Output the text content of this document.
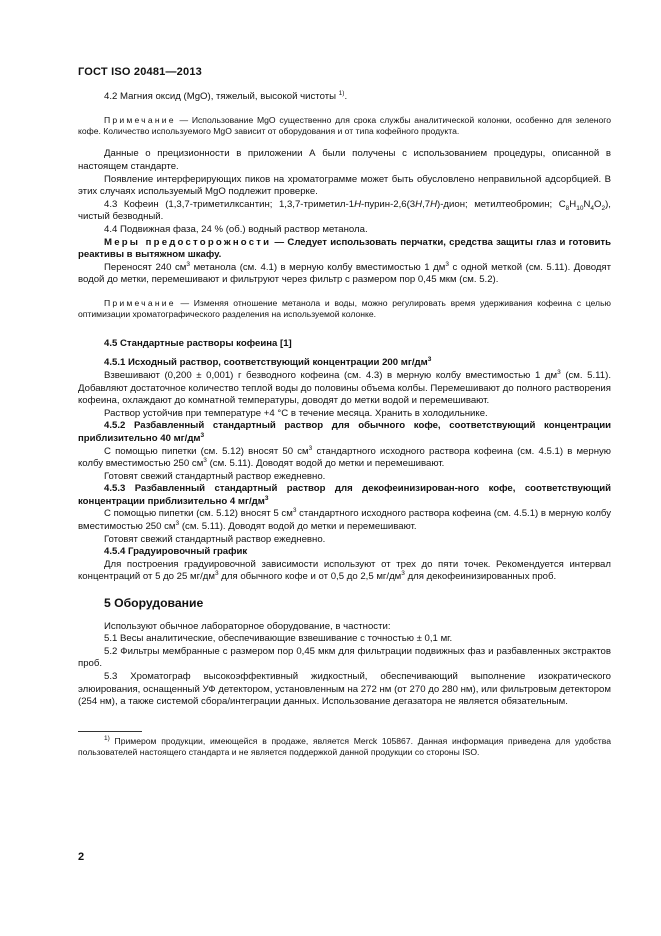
ГОСТ ISO 20481—2013

4.2 Магния оксид (MgO), тяжелый, высокой чистоты $^{1)}$.

Примечание — Использование MgO существенно для срока службы аналитической колонки, особенно для зеленого кофе. Количество используемого MgO зависит от оборудования и от типа кофейного продукта.

Данные о прецизионности в приложении А были получены с использованием процедуры, описанной в настоящем стандарте.

Появление интерферирующих пиков на хроматограмме может быть обусловлено неправильной адсорбцией. В этих случаях используемый MgO подлежит проверке.

4.3 Кофеин (1,3,7-триметилксантин; 1,3,7-триметил-1H-пурин-2,6(3H,7H)-дион; метилтеобромин; $C_8H_{10}N_4O_2$), чистый безводный.

4.4 Подвижная фаза, 24 % (об.) водный раствор метанола.

Меры предосторожности — Следует использовать перчатки, средства защиты глаз и готовить реактивы в вытяжном шкафу.

Переносят 240 $см^3$ метанола (см. 4.1) в мерную колбу вместимостью 1 $дм^3$ с одной меткой (см. 5.11). Доводят водой до метки, перемешивают и фильтруют через фильтр с размером пор 0,45 мкм (см. 5.2).

Примечание — Изменяя отношение метанола и воды, можно регулировать время удерживания кофеина с целью оптимизации хроматографического разделения на используемой колонке.

4.5 Стандартные растворы кофеина [1]

4.5.1 Исходный раствор, соответствующий концентрации 200 $мг/дм^3$

Взвешивают (0,200 ± 0,001) г безводного кофеина (см. 4.3) в мерную колбу вместимостью 1 $дм^3$ (см. 5.11). Добавляют достаточное количество теплой воды до половины объема колбы. Перемешивают до полного растворения кофеина, охлаждают до комнатной температуры, доводят до метки водой и перемешивают.

Раствор устойчив при температуре +4 °C в течение месяца. Хранить в холодильнике.

4.5.2 Разбавленный стандартный раствор для обычного кофе, соответствующий концентрации приблизительно 40 $мг/дм^3$

С помощью пипетки (см. 5.12) вносят 50 $см^3$ стандартного исходного раствора кофеина (см. 4.5.1) в мерную колбу вместимостью 250 $см^3$ (см. 5.11). Доводят водой до метки и перемешивают.

Готовят свежий стандартный раствор ежедневно.

4.5.3 Разбавленный стандартный раствор для декофеинизирован-ного кофе, соответствующий концентрации приблизительно 4 $мг/дм^3$

С помощью пипетки (см. 5.12) вносят 5 $см^3$ стандартного исходного раствора кофеина (см. 4.5.1) в мерную колбу вместимостью 250 $см^3$ (см. 5.11). Доводят водой до метки и перемешивают.

Готовят свежий стандартный раствор ежедневно.

4.5.4 Градуировочный график

Для построения градуировочной зависимости используют от трех до пяти точек. Рекомендуется интервал концентраций от 5 до 25 $мг/дм^3$ для обычного кофе и от 0,5 до 2,5 $мг/дм^3$ для декофеинизированных проб.

5 Оборудование

Используют обычное лабораторное оборудование, в частности:

5.1 Весы аналитические, обеспечивающие взвешивание с точностью ± 0,1 мг.

5.2 Фильтры мембранные с размером пор 0,45 мкм для фильтрации подвижных фаз и разбавленных экстрактов проб.

5.3 Хроматограф высокоэффективный жидкостный, обеспечивающий выполнение изократического элюирования, оснащенный УФ детектором, установленным на 272 нм (от 270 до 280 нм), или фильтровым детектором (254 нм), а также системой сбора/интеграции данных. Использование дегазатора не является обязательным.

$^{1)}$ Примером продукции, имеющейся в продаже, является Merck 105867. Данная информация приведена для удобства пользователей настоящего стандарта и не является поддержкой данной продукции со стороны ISO.

2
